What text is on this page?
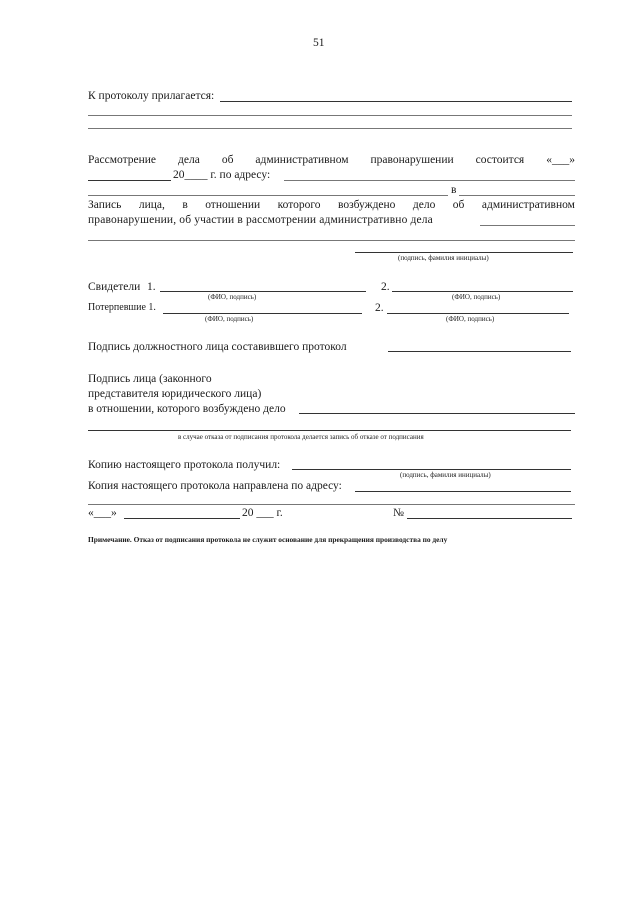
51
К протоколу прилагается:
Рассмотрение дела об административном правонарушении состоится «___»
20____ г. по адресу:
в
Запись лица, в отношении которого возбуждено дело об административном
правонарушении, об участии в рассмотрении административно дела
(подпись, фамилия инициалы)
Свидетели 1.	2.
(ФИО, подпись)	(ФИО, подпись)
Потерпевшие 1.	2.
(ФИО, подпись)	(ФИО, подпись)
Подпись должностного лица составившего протокол
Подпись лица (законного
представителя юридического лица)
в отношении, которого возбуждено дело
в случае отказа от подписания протокола делается запись об отказе от подписания
Копию настоящего протокола получил:
(подпись, фамилия инициалы)
Копия настоящего протокола направлена по адресу:
«___»	20 ___ г.	№
Примечание. Отказ от подписания протокола не служит основание для прекращения производства по делу
